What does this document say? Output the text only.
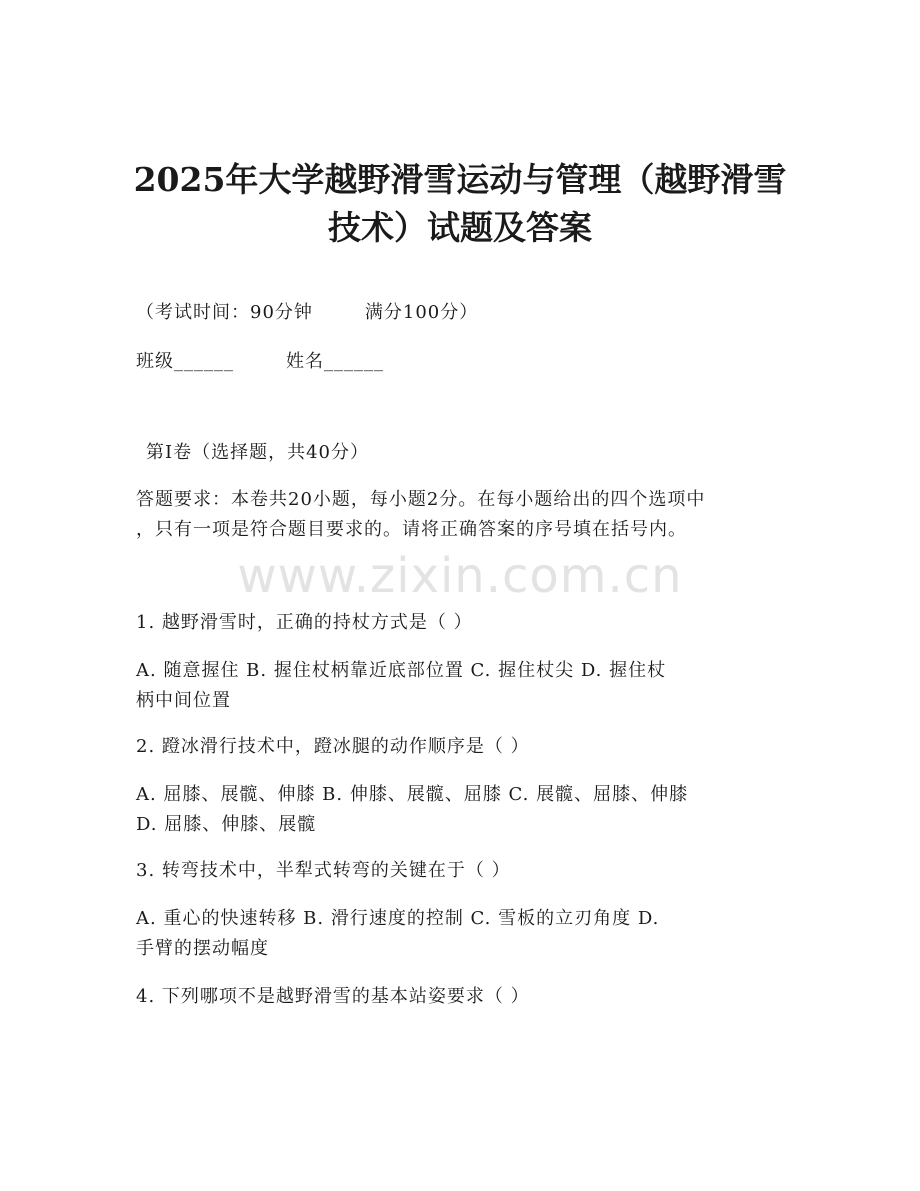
2025年大学越野滑雪运动与管理（越野滑雪
技术）试题及答案
（考试时间：90分钟	满分100分）
班级______	姓名______
第I卷（选择题，共40分）
答题要求：本卷共20小题，每小题2分。在每小题给出的四个选项中
，只有一项是符合题目要求的。请将正确答案的序号填在括号内。
www.zixin.com.cn
1. 越野滑雪时，正确的持杖方式是（ ）
A. 随意握住 B. 握住杖柄靠近底部位置 C. 握住杖尖 D. 握住杖
柄中间位置
2. 蹬冰滑行技术中，蹬冰腿的动作顺序是（ ）
A. 屈膝、展髋、伸膝 B. 伸膝、展髋、屈膝 C. 展髋、屈膝、伸膝
D. 屈膝、伸膝、展髋
3. 转弯技术中，半犁式转弯的关键在于（ ）
A. 重心的快速转移 B. 滑行速度的控制 C. 雪板的立刃角度 D.
手臂的摆动幅度
4. 下列哪项不是越野滑雪的基本站姿要求（ ）
